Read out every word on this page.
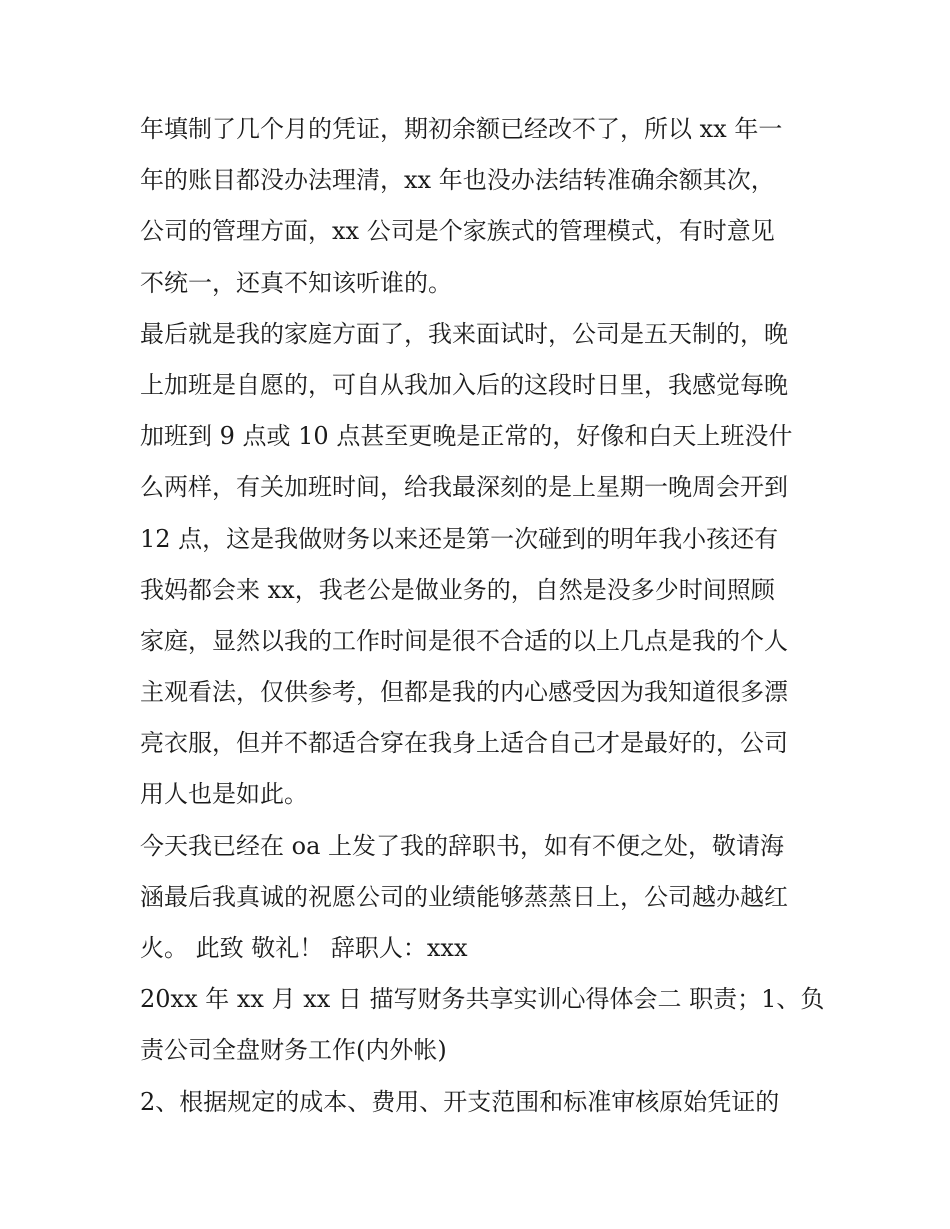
年填制了几个月的凭证，期初余额已经改不了，所以 xx 年一
年的账目都没办法理清，xx 年也没办法结转准确余额其次，
公司的管理方面，xx 公司是个家族式的管理模式，有时意见
不统一，还真不知该听谁的。
最后就是我的家庭方面了，我来面试时，公司是五天制的，晚
上加班是自愿的，可自从我加入后的这段时日里，我感觉每晚
加班到 9 点或 10 点甚至更晚是正常的，好像和白天上班没什
么两样，有关加班时间，给我最深刻的是上星期一晚周会开到
12 点，这是我做财务以来还是第一次碰到的明年我小孩还有
我妈都会来 xx，我老公是做业务的，自然是没多少时间照顾
家庭，显然以我的工作时间是很不合适的以上几点是我的个人
主观看法，仅供参考，但都是我的内心感受因为我知道很多漂
亮衣服，但并不都适合穿在我身上适合自己才是最好的，公司
用人也是如此。
今天我已经在 oa 上发了我的辞职书，如有不便之处，敬请海
涵最后我真诚的祝愿公司的业绩能够蒸蒸日上，公司越办越红
火。 此致 敬礼！ 辞职人：xxx
20xx 年 xx 月 xx 日 描写财务共享实训心得体会二 职责；1、负
责公司全盘财务工作(内外帐)
2、根据规定的成本、费用、开支范围和标准审核原始凭证的
